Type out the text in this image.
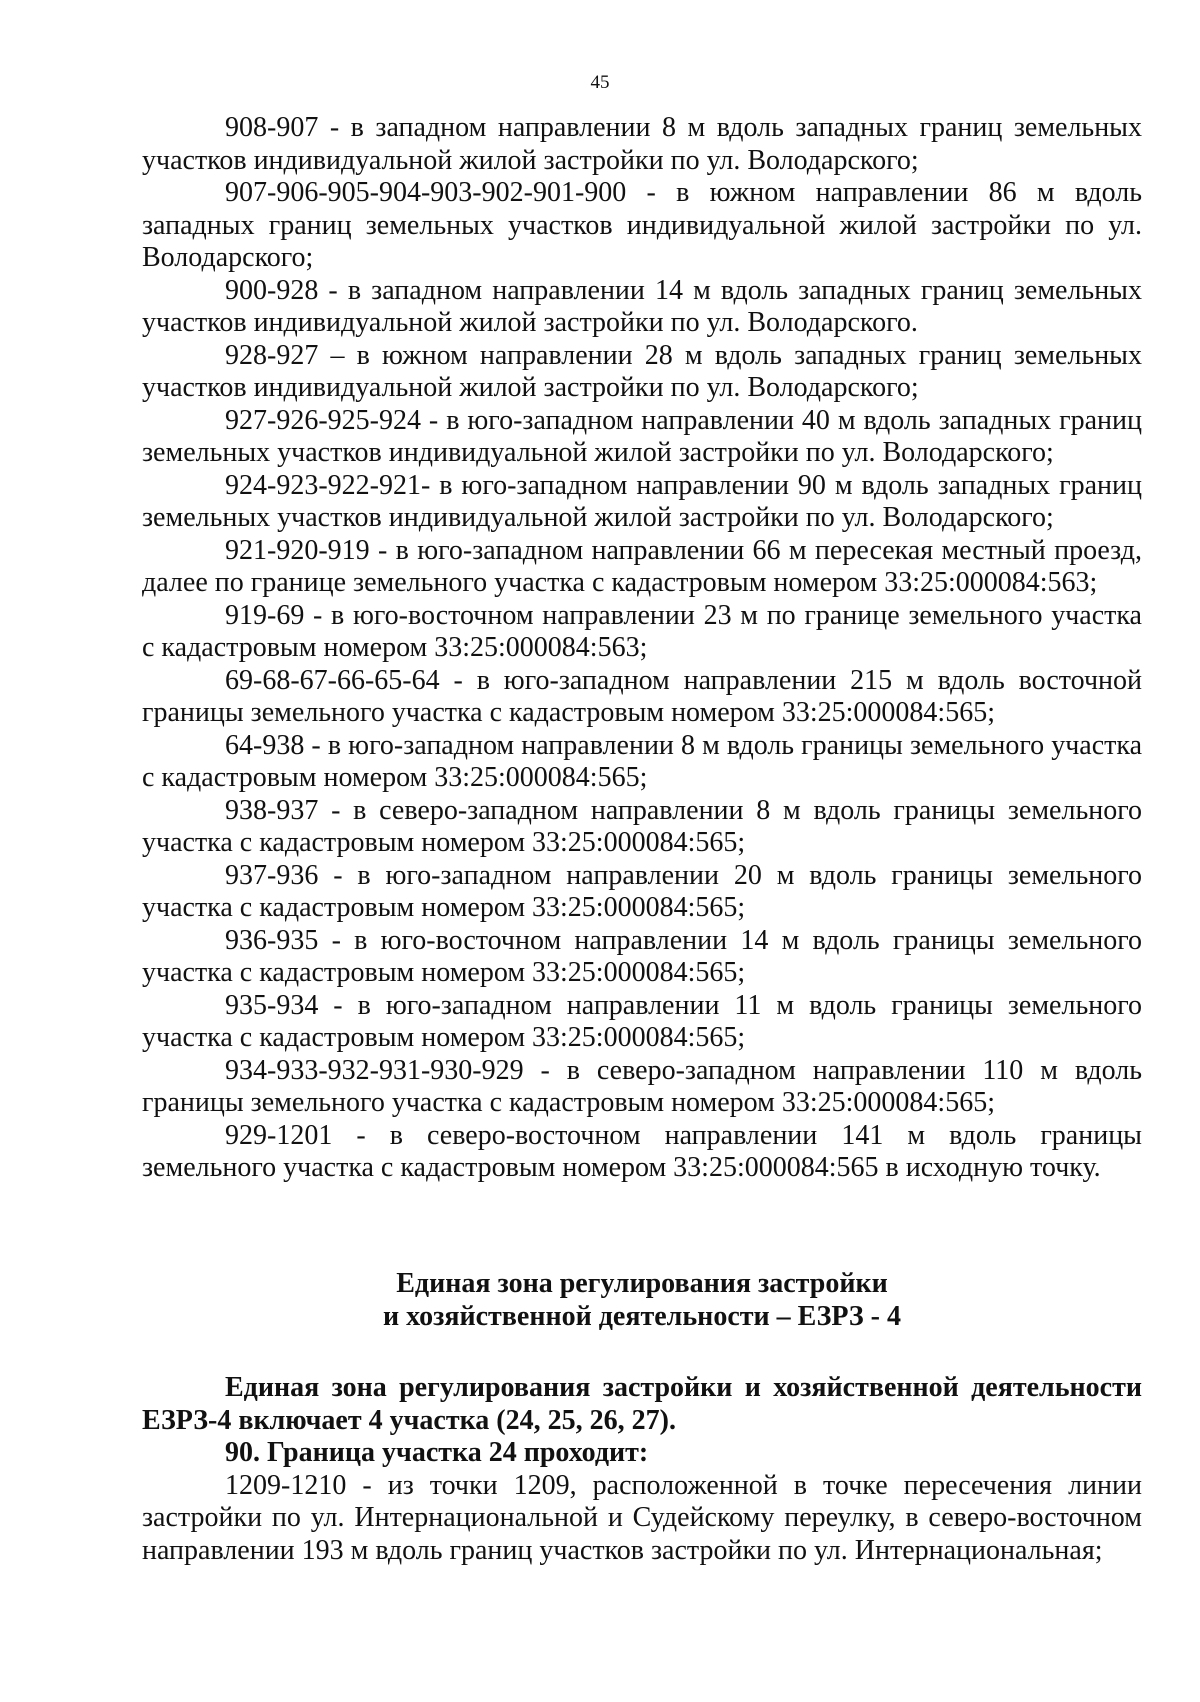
45

908-907 - в западном направлении 8 м вдоль западных границ земельных участков индивидуальной жилой застройки по ул. Володарского;

907-906-905-904-903-902-901-900 - в южном направлении 86 м вдоль западных границ земельных участков индивидуальной жилой застройки по ул. Володарского;

900-928 - в западном направлении 14 м вдоль западных границ земельных участков индивидуальной жилой застройки по ул. Володарского.

928-927 – в южном направлении 28 м вдоль западных границ земельных участков индивидуальной жилой застройки по ул. Володарского;

927-926-925-924 - в юго-западном направлении 40 м вдоль западных границ земельных участков индивидуальной жилой застройки по ул. Володарского;

924-923-922-921- в юго-западном направлении 90 м вдоль западных границ земельных участков индивидуальной жилой застройки по ул. Володарского;

921-920-919 - в юго-западном направлении 66 м пересекая местный проезд, далее по границе земельного участка с кадастровым номером 33:25:000084:563;

919-69 - в юго-восточном направлении 23 м по границе земельного участка с кадастровым номером 33:25:000084:563;

69-68-67-66-65-64 - в юго-западном направлении 215 м вдоль восточной границы земельного участка с кадастровым номером 33:25:000084:565;

64-938 - в юго-западном направлении 8 м вдоль границы земельного участка с кадастровым номером 33:25:000084:565;

938-937 - в северо-западном направлении 8 м вдоль границы земельного участка с кадастровым номером 33:25:000084:565;

937-936 - в юго-западном направлении 20 м вдоль границы земельного участка с кадастровым номером 33:25:000084:565;

936-935 - в юго-восточном направлении 14 м вдоль границы земельного участка с кадастровым номером 33:25:000084:565;

935-934 - в юго-западном направлении 11 м вдоль границы земельного участка с кадастровым номером 33:25:000084:565;

934-933-932-931-930-929 - в северо-западном направлении 110 м вдоль границы земельного участка с кадастровым номером 33:25:000084:565;

929-1201 - в северо-восточном направлении 141 м вдоль границы земельного участка с кадастровым номером 33:25:000084:565 в исходную точку.

Единая зона регулирования застройки
и хозяйственной деятельности – ЕЗРЗ - 4

Единая зона регулирования застройки и хозяйственной деятельности ЕЗРЗ-4 включает 4 участка (24, 25, 26, 27).

90. Граница участка 24 проходит:

1209-1210 - из точки 1209, расположенной в точке пересечения линии застройки по ул. Интернациональной и Судейскому переулку, в северо-восточном направлении 193 м вдоль границ участков застройки по ул. Интернациональная;
